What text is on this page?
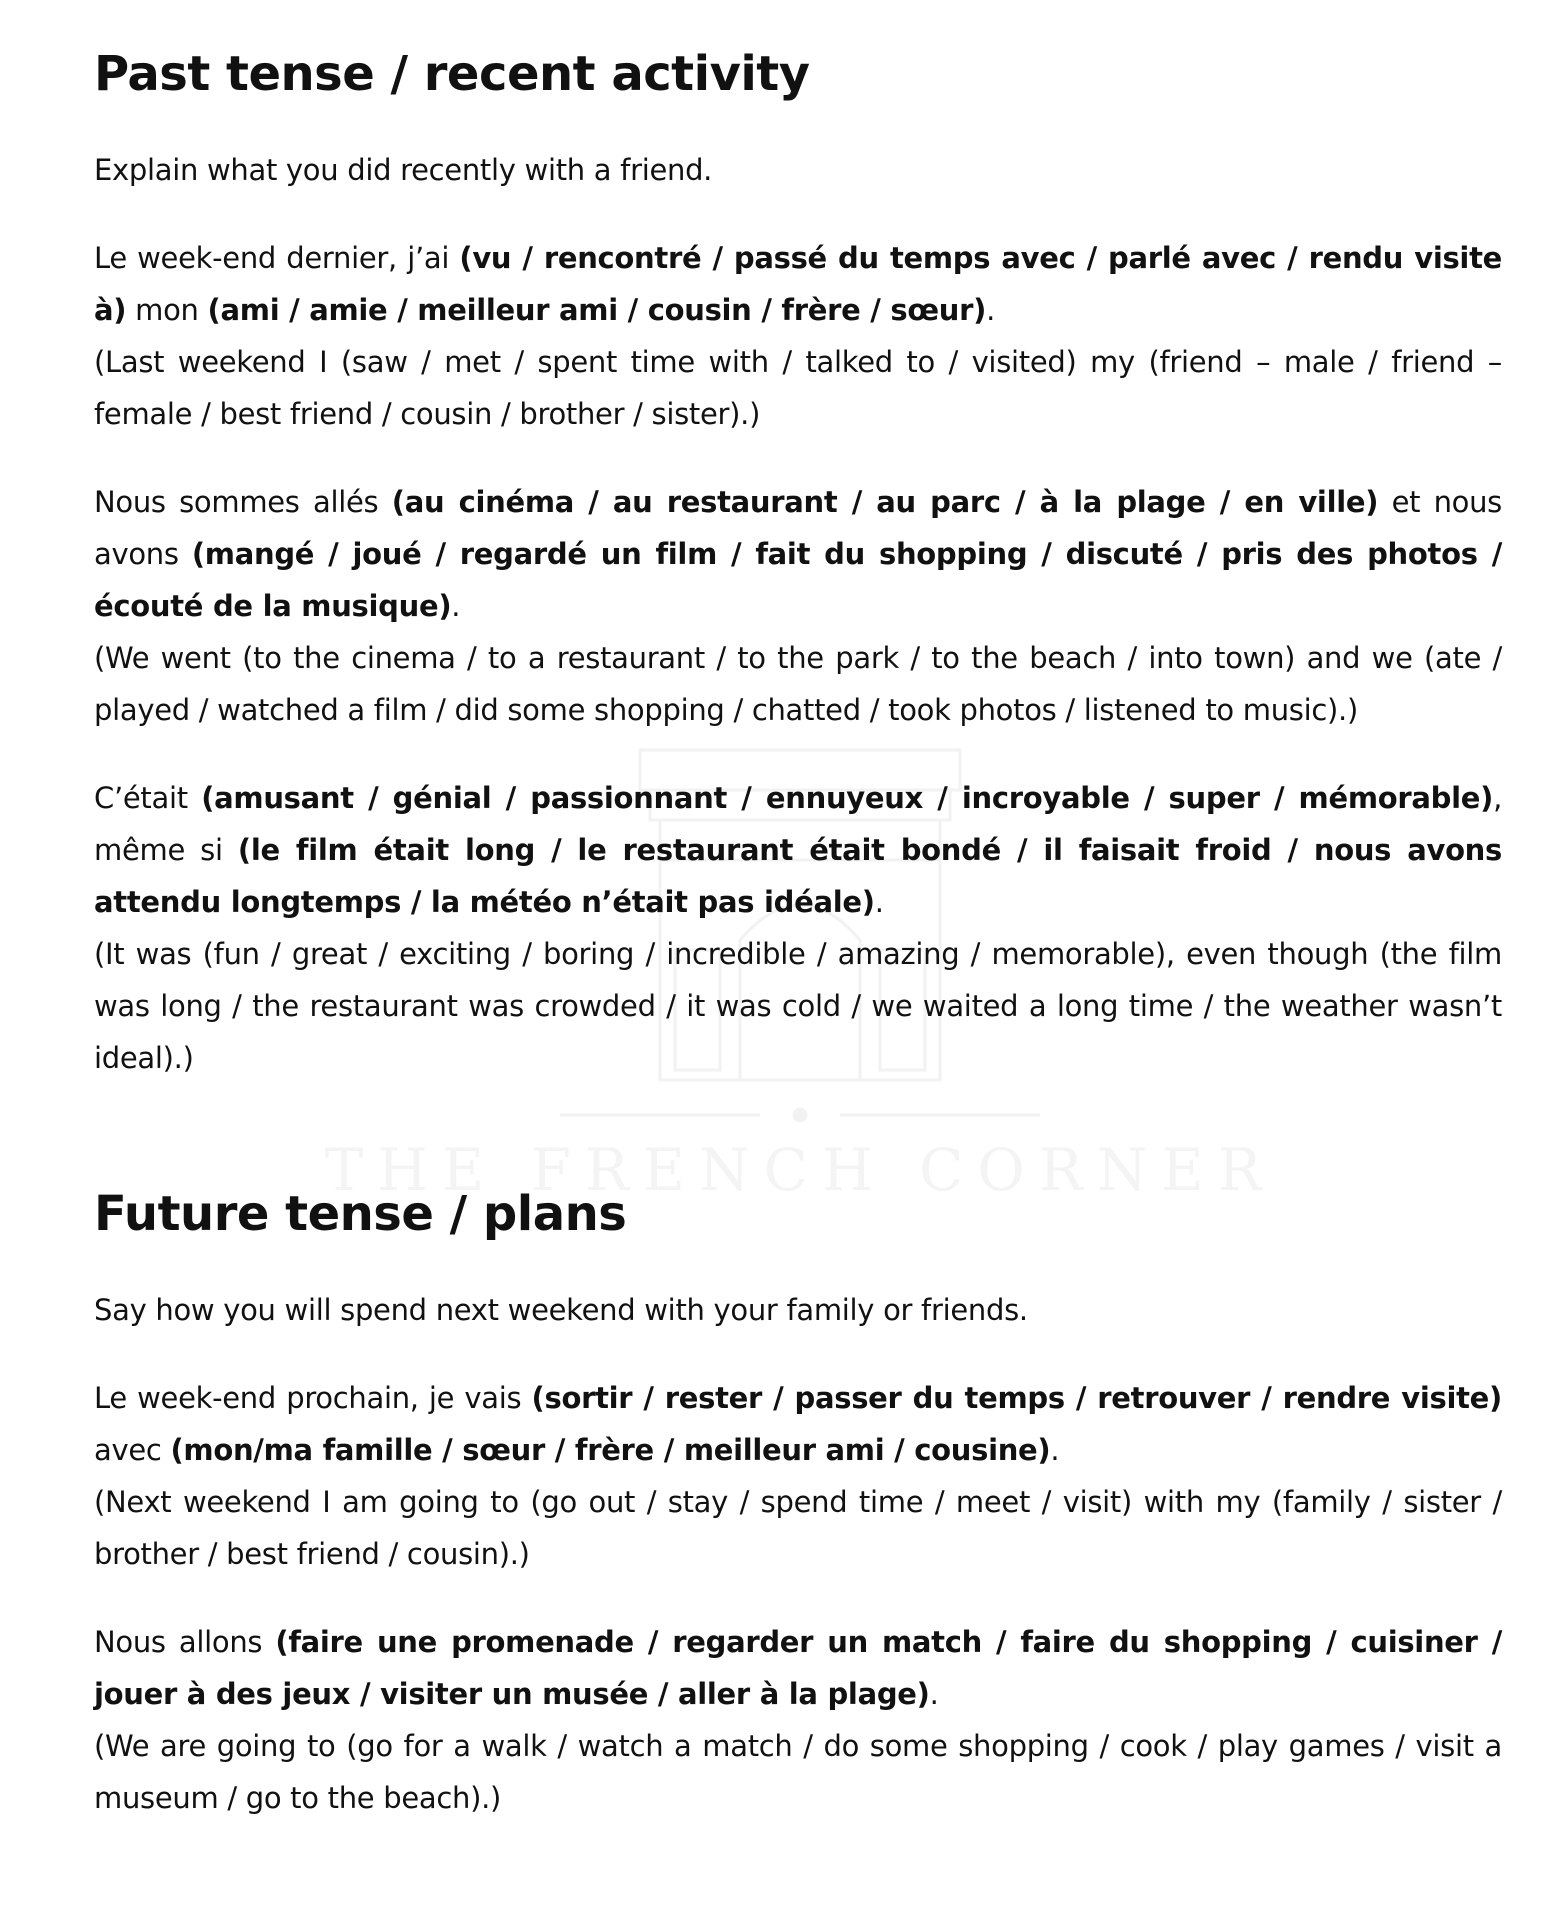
THE FRENCH CORNER
Past tense / recent activity

Explain what you did recently with a friend.

Le week-end dernier, j’ai (vu / rencontré / passé du temps avec / parlé avec / rendu visite à) mon (ami / amie / meilleur ami / cousin / frère / sœur).
(Last weekend I (saw / met / spent time with / talked to / visited) my (friend – male / friend – female / best friend / cousin / brother / sister).)

Nous sommes allés (au cinéma / au restaurant / au parc / à la plage / en ville) et nous avons (mangé / joué / regardé un film / fait du shopping / discuté / pris des photos / écouté de la musique).
(We went (to the cinema / to a restaurant / to the park / to the beach / into town) and we (ate / played / watched a film / did some shopping / chatted / took photos / listened to music).)

C’était (amusant / génial / passionnant / ennuyeux / incroyable / super / mémorable), même si (le film était long / le restaurant était bondé / il faisait froid / nous avons attendu longtemps / la météo n’était pas idéale).
(It was (fun / great / exciting / boring / incredible / amazing / memorable), even though (the film was long / the restaurant was crowded / it was cold / we waited a long time / the weather wasn’t ideal).)

Future tense / plans

Say how you will spend next weekend with your family or friends.

Le week-end prochain, je vais (sortir / rester / passer du temps / retrouver / rendre visite) avec (mon/ma famille / sœur / frère / meilleur ami / cousine).
(Next weekend I am going to (go out / stay / spend time / meet / visit) with my (family / sister / brother / best friend / cousin).)

Nous allons (faire une promenade / regarder un match / faire du shopping / cuisiner / jouer à des jeux / visiter un musée / aller à la plage).
(We are going to (go for a walk / watch a match / do some shopping / cook / play games / visit a museum / go to the beach).)
